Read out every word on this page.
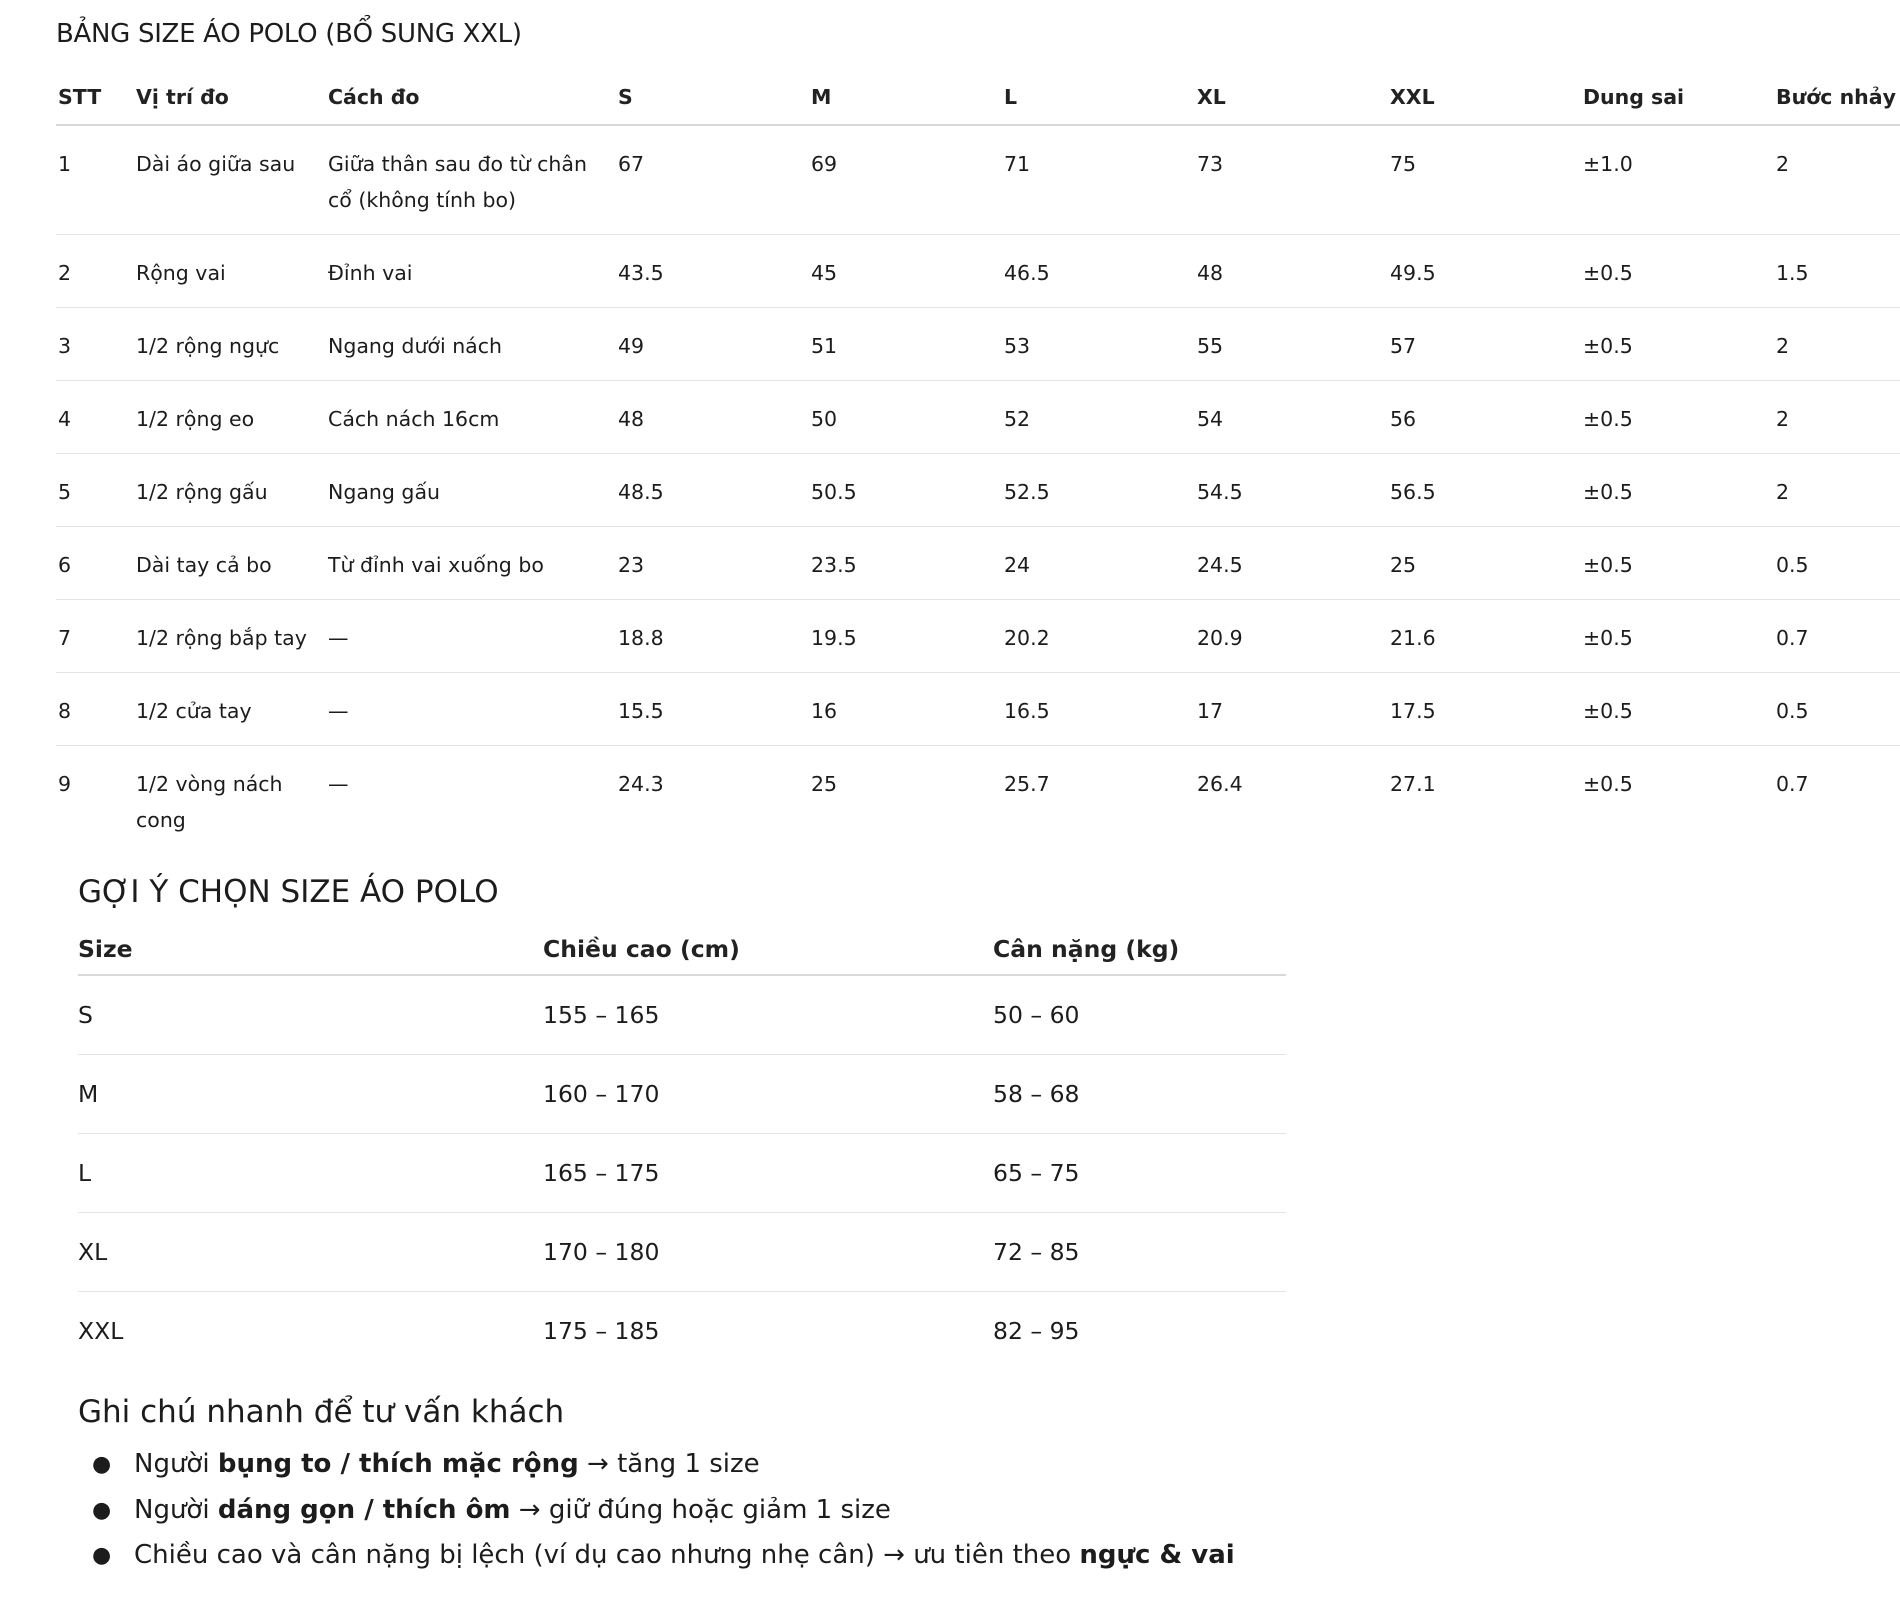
BẢNG SIZE ÁO POLO (BỔ SUNG XXL)
STT	Vị trí đo	Cách đo	S	M	L	XL	XXL	Dung sai	Bước nhảy
1	Dài áo giữa sau	Giữa thân sau đo từ chân cổ (không tính bo)	67	69	71	73	75	±1.0	2
2	Rộng vai	Đỉnh vai	43.5	45	46.5	48	49.5	±0.5	1.5
3	1/2 rộng ngực	Ngang dưới nách	49	51	53	55	57	±0.5	2
4	1/2 rộng eo	Cách nách 16cm	48	50	52	54	56	±0.5	2
5	1/2 rộng gấu	Ngang gấu	48.5	50.5	52.5	54.5	56.5	±0.5	2
6	Dài tay cả bo	Từ đỉnh vai xuống bo	23	23.5	24	24.5	25	±0.5	0.5
7	1/2 rộng bắp tay	—	18.8	19.5	20.2	20.9	21.6	±0.5	0.7
8	1/2 cửa tay	—	15.5	16	16.5	17	17.5	±0.5	0.5
9	1/2 vòng nách cong	—	24.3	25	25.7	26.4	27.1	±0.5	0.7
GỢI Ý CHỌN SIZE ÁO POLO
Size	Chiều cao (cm)	Cân nặng (kg)
S	155 – 165	50 – 60
M	160 – 170	58 – 68
L	165 – 175	65 – 75
XL	170 – 180	72 – 85
XXL	175 – 185	82 – 95
Ghi chú nhanh để tư vấn khách
● Người bụng to / thích mặc rộng → tăng 1 size
● Người dáng gọn / thích ôm → giữ đúng hoặc giảm 1 size
● Chiều cao và cân nặng bị lệch (ví dụ cao nhưng nhẹ cân) → ưu tiên theo ngực & vai
